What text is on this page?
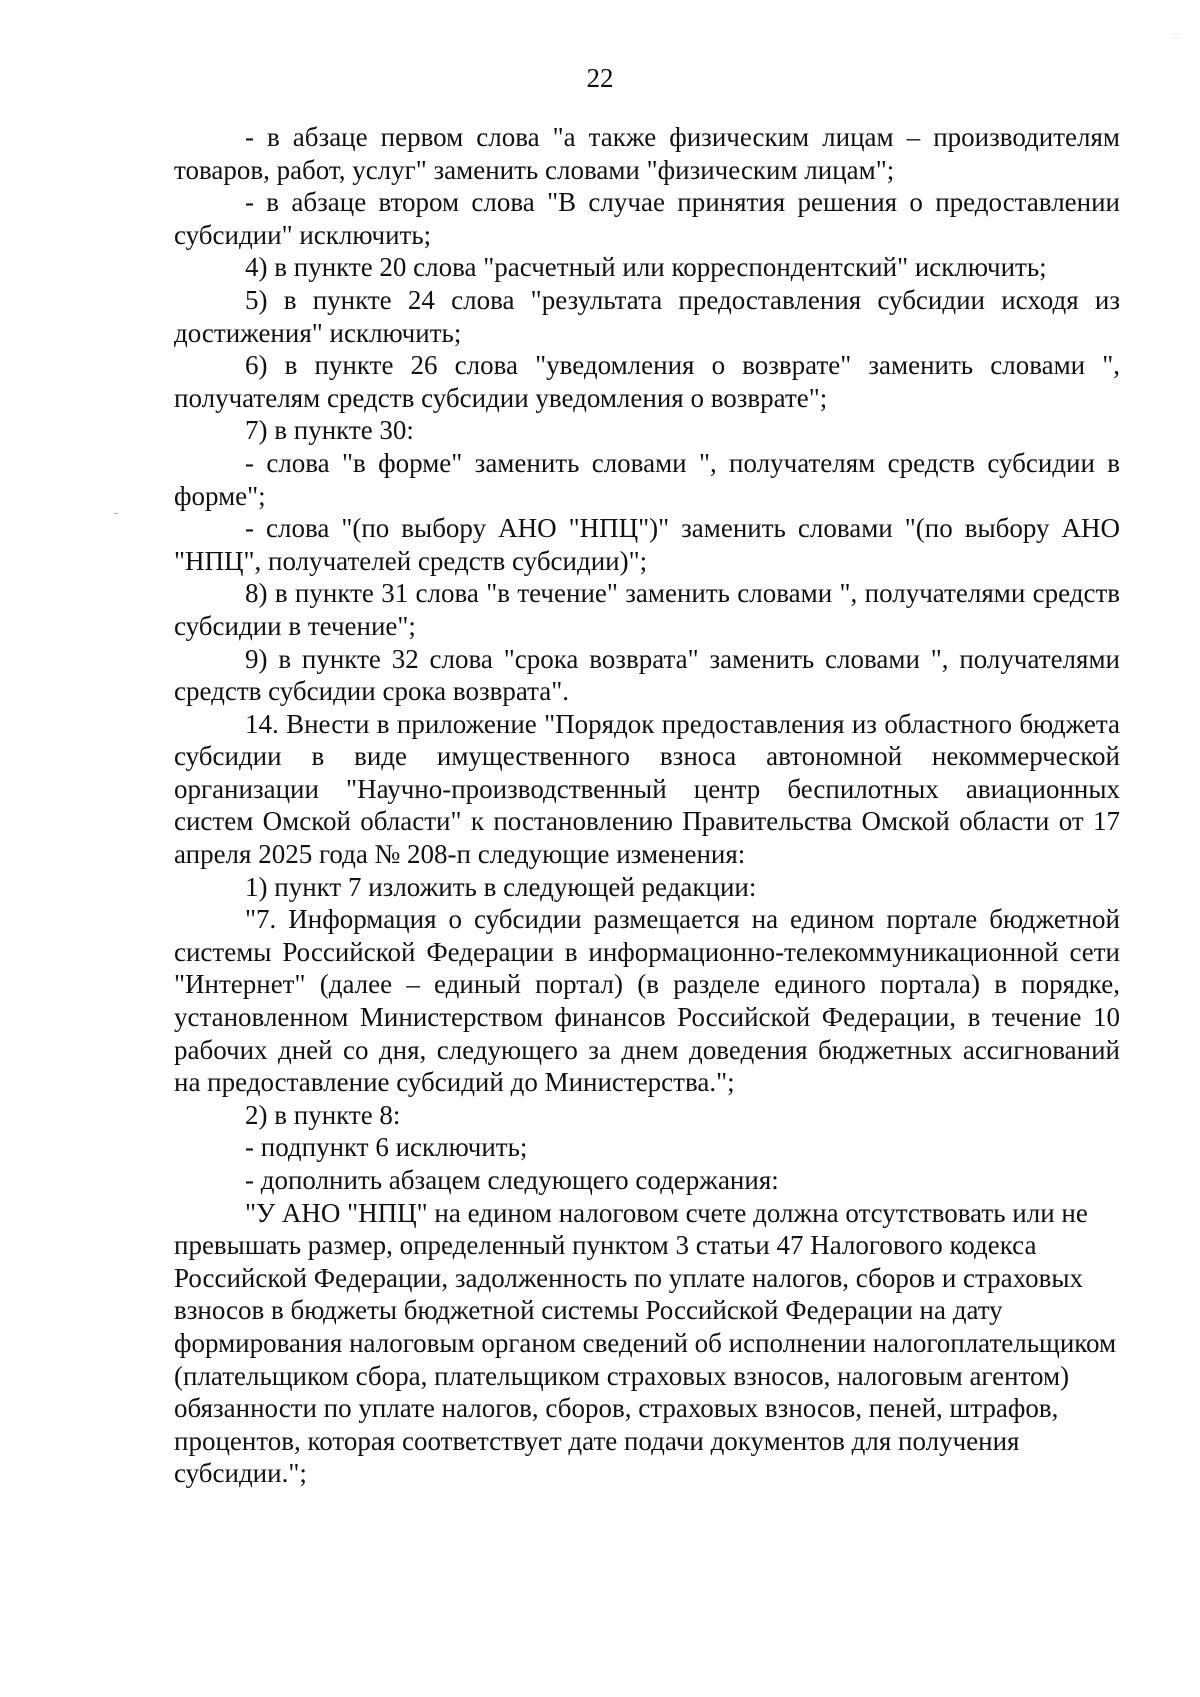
·˙·
22

- в абзаце первом слова "а также физическим лицам – производителям товаров, работ, услуг" заменить словами "физическим лицам";

- в абзаце втором слова "В случае принятия решения о предоставлении субсидии" исключить;

4) в пункте 20 слова "расчетный или корреспондентский" исключить;

5) в пункте 24 слова "результата предоставления субсидии исходя из достижения" исключить;

6) в пункте 26 слова "уведомления о возврате" заменить словами ", получателям средств субсидии уведомления о возврате";

7) в пункте 30:

- слова "в форме" заменить словами ", получателям средств субсидии в форме";

- слова "(по выбору АНО "НПЦ")" заменить словами "(по выбору АНО "НПЦ", получателей средств субсидии)";

8) в пункте 31 слова "в течение" заменить словами ", получателями средств субсидии в течение";

9) в пункте 32 слова "срока возврата" заменить словами ", получателями средств субсидии срока возврата".

14. Внести в приложение "Порядок предоставления из областного бюджета субсидии в виде имущественного взноса автономной некоммерческой организации "Научно-производственный центр беспилотных авиационных систем Омской области" к постановлению Правительства Омской области от 17 апреля 2025 года № 208-п следующие изменения:

1) пункт 7 изложить в следующей редакции:

"7. Информация о субсидии размещается на едином портале бюджетной системы Российской Федерации в информационно-телекоммуникационной сети "Интернет" (далее – единый портал) (в разделе единого портала) в порядке, установленном Министерством финансов Российской Федерации, в течение 10 рабочих дней со дня, следующего за днем доведения бюджетных ассигнований на предоставление субсидий до Министерства.";

2) в пункте 8:

- подпункт 6 исключить;

- дополнить абзацем следующего содержания:

"У АНО "НПЦ" на едином налоговом счете должна отсутствовать или не превышать размер, определенный пунктом 3 статьи 47 Налогового кодекса Российской Федерации, задолженность по уплате налогов, сборов и страховых взносов в бюджеты бюджетной системы Российской Федерации на дату формирования налоговым органом сведений об исполнении налогоплательщиком (плательщиком сбора, плательщиком страховых взносов, налоговым агентом) обязанности по уплате налогов, сборов, страховых взносов, пеней, штрафов, процентов, которая соответствует дате подачи документов для получения субсидии.";
